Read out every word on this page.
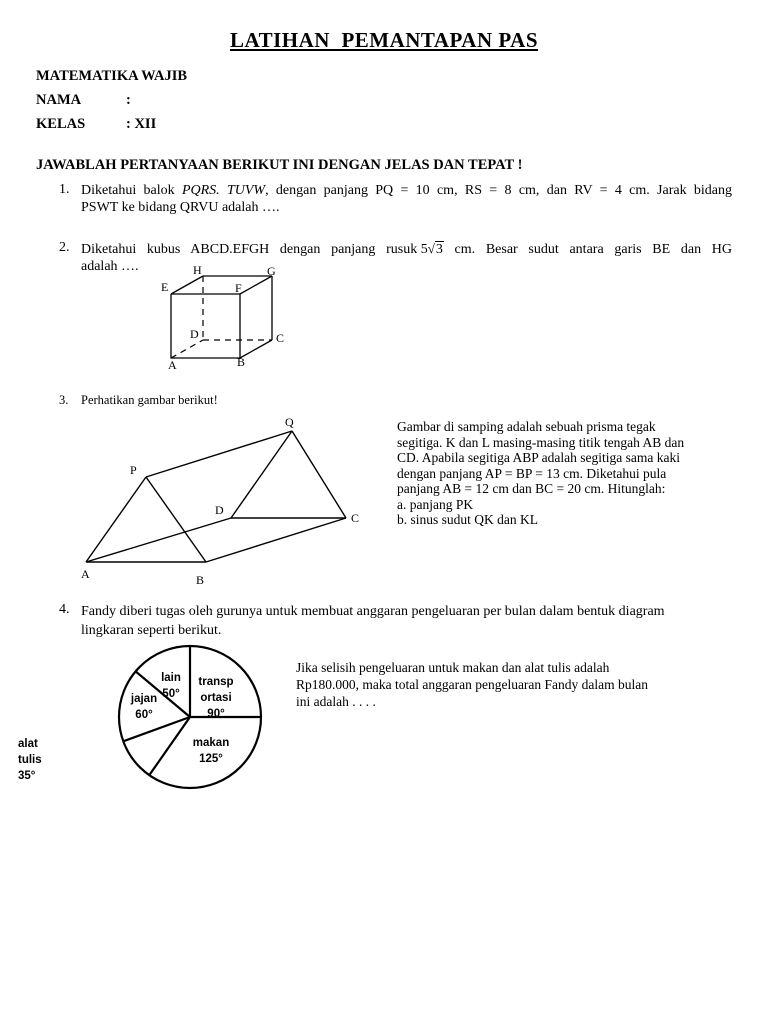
LATIHAN  PEMANTAPAN PAS
MATEMATIKA WAJIB
NAMA	:
KELAS	: XII
JAWABLAH PERTANYAAN BERIKUT INI DENGAN JELAS DAN TEPAT !
1. Diketahui balok PQRS. TUVW, dengan panjang PQ = 10 cm, RS = 8 cm, dan RV = 4 cm. Jarak bidang
PSWT ke bidang QRVU adalah ….
2. Diketahui kubus ABCD.EFGH dengan panjang rusuk 5√3 cm. Besar sudut antara garis BE dan HG
adalah ….	H	G
E	F
D	C
A	B
3. Perhatikan gambar berikut!
Q
P
D
C
A	B
Gambar di samping adalah sebuah prisma tegak
segitiga. K dan L masing-masing titik tengah AB dan
CD. Apabila segitiga ABP adalah segitiga sama kaki
dengan panjang AP = BP = 13 cm. Diketahui pula
panjang AB = 12 cm dan BC = 20 cm. Hitunglah:
a. panjang PK
b. sinus sudut QK dan KL
4. Fandy diberi tugas oleh gurunya untuk membuat anggaran pengeluaran per bulan dalam bentuk diagram
lingkaran seperti berikut.
transp ortasi 90°
makan 125°
alat tulis 35°
jajan 60°
lain 50°
Jika selisih pengeluaran untuk makan dan alat tulis adalah
Rp180.000, maka total anggaran pengeluaran Fandy dalam bulan
ini adalah . . . .
